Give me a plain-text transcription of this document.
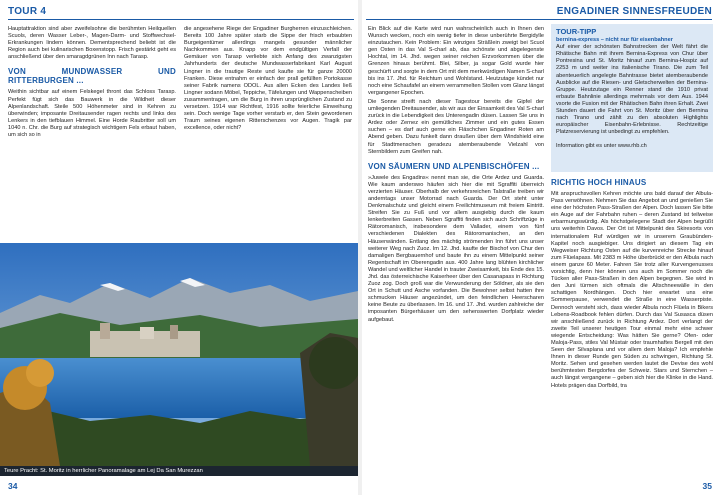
TOUR 4

Hauptattraktion sind aber zweifelsohne die berühmten Heilquellen Scuols, deren Wasser Leber-, Magen-Darm- und Stoffwechsel-Erkrankungen lindern können. Dementsprechend beliebt ist die Region auch bei kulinarischen Boxenstopp. Frisch gestärkt geht es anschließend über den smaragdgrünen Inn nach Tarasp.

VON MUNDWASSER UND RITTERBURGEN ...

Weithin sichtbar auf einem Felskegel thront das Schloss Tarasp. Perfekt fügt sich das Bauwerk in die Wildheit dieser Alpenlandschaft. Steile 500 Höhenmeter sind in Kehren zu überwinden; imposante Dreitausender ragen rechts und links des Lenkers in den tiefblauen Himmel. Eine Horde Raubritter soll um 1040 n. Chr. die Burg auf strategisch wichtigem Fels erbaut haben, um sich so in

die angesehene Riege der Engadiner Burgherren einzuschleichen. Bereits 100 Jahre später starb die Sippe der frisch erbaubten Burgeigentümer allerdings mangels gesunder männlicher Nachkommen aus. Knapp vor dem endgültigen Verfall der Gemäuer von Tarasp verliebte sich Anfang des zwanzigsten Jahrhunderts der deutsche Mundwasserfabrikant Karl August Lingner in die trautige Reste und kaufte sie für ganze 20000 Franken. Diese entnahm er einfach der prall gefüllten Portokasse seiner Fabrik namens ODOL. Aus allen Ecken des Landes ließ Lingner sodann Möbel, Teppiche, Täfelungen und Wappenscheiben zusammentragen, um die Burg in ihren ursprünglichen Zustand zu versetzen. 1914 war Richtfest, 1916 sollte feierliche Einweihung sein. Doch wenige Tage vorher verstarb er, den Stein gewordenen Traum seines eigenen Ritterschenzes vor Augen. Tragik par excellence, oder nicht?

Teure Pracht: St. Moritz in herrlicher Panoramalage am Lej Da San Murezzan
34
ENGADINER SINNESFREUDEN

Ein Blick auf die Karte wird nun wahrscheinlich auch in Ihnen den Wunsch wecken, noch ein wenig tiefer in diese unberührte Bergidylle einzutauchen. Kein Problem: Ein winziges Sträßlein zweigt bei Scuol gen Osten in das Val S-charl ab, das schönste und abgelegenste Hochtal, im 14. Jhd. wegen seiner reichen Erzvorkommen über die Grenzen hinaus berühmt. Blei, Silber, ja sogar Gold wurde hier geschürft und sorgte in dem Ort mit dem merkwürdigen Namen S-charl bis ins 17. Jhd. für Reichtum und Wohlstand. Heutzutage kündet nur noch eine Schaufafel an einem verrammelten Stollen vom Glanz längst vergangener Epochen.

Die Sonne streift nach dieser Tagestour bereits die Gipfel der umliegenden Dreitausender, als wir aus der Einsamkeit des Val S-charl zurück in die Lebendigkeit des Unterengadin düsen. Lassen Sie uns in Ardez oder Zernez ein gemütliches Zimmer und ein gutes Essen suchen – es darf auch gerne ein Fläschchen Engadiner Roten am Abend geben. Dazu funkelt dann draußen über dem Windshield eine für Stadtmenschen geradezu atemberaubende Vielzahl von Sternbildern zum Greifen nah.

VON SÄUMERN UND ALPENBISCHÖFEN ...

»Juwele des Engadins« nennt man sie, die Orte Ardez und Guarda. Wie kaum anderswo häufen sich hier die mit Sgraffiti überreich verzierten Häuser. Oberhalb der verkehrsreichen Talstraße treiben wir anderntags unser Motorrad nach Guarda. Der Ort steht unter Denkmalschutz und gleicht einem Freilichtmuseum mit freiem Eintritt. Streifen Sie zu Fuß und vor allem ausgiebig durch die kaum lenkerbreiten Gassen. Neben Sgraffiti finden sich auch Schriftzüge in Rätoromanisch, insbesondere dem Vallader, einem von fünf verschiedenen Dialekten des Rätoromanischen, an den Häuserwänden. Entlang des mächtig strömenden Inn führt uns unser weiterer Weg nach Zuoz. Im 12. Jhd. kaufte der Bischof von Chur den damaligen Bergbauernhof und baute ihn zu einem Mittelpunkt seiner Regentschaft im Oberengadin aus. 400 Jahre lang blühten kirchlicher Wandel und weltlicher Handel in trauter Zweisamkeit, bis Ende des 15. Jhd. das österreichische Kaiserheer über den Casanapass in Richtung Zuoz zog. Doch groß war die Verwunderung der Söldner, als sie den Ort in Schutt und Asche vorfanden. Die Bewohner selbst hatten ihre schmucken Häuser angezündet, um den feindlichen Heerscharen keine Beute zu überlassen. Im 16. und 17. Jhd. wurden zahlreiche der imposanten Bürgerhäuser um den sehenswerten Dorfplatz wieder aufgebaut.

TOUR-TIPP
bernina-express – nicht nur für eisenbahner
Auf einer der schönsten Bahnstrecken der Welt fährt die Rhätische Bahn mit ihrem Bernina-Express von Chur über Pontresina und St. Moritz hinauf zum Bernina-Hospiz auf 2253 m und weiter ins italienische Tirano. Die zum Teil abenteuerlich angelegte Bahntrasse bietet atemberaubende Ausblicke auf die Riesen- und Gletscherwelten der Bernina-Gruppe. Heutzutage ein Renner stand die 1910 privat erbaute Bahnlinie allerdings mehrmals vor dem Aus. 1944 vsorte die Fusion mit der Rhätischen Bahn ihren Erhalt. Zwei Stunden dauert die Fahrt von St. Moritz über den Bernina nach Tirano und zählt zu den absoluten Highlights europäischer Eisenbahn-Erlebnisse. Rechtzeitige Platzreservierung ist unbedingt zu empfehlen.
Information gibt es unter www.rhb.ch
RICHTIG HOCH HINAUS

Mit anspruchsvollen Kehren möchte uns bald darauf der Albula-Pass verwöhnen. Nehmen Sie das Angebot an und genießen Sie eine der höchsten Pass-Straßen der Alpen. Doch lassen Sie bitte ein Auge auf der Fahrbahn ruhen – deren Zustand ist teilweise erbarmungswürdig. Als höchstgelegene Stadt der Alpen begrüßt uns weiterhin Davos. Der Ort ist Mittelpunkt des Skiresorts von internationalem Ruf würdigen wir in unserem Graubünden-Kapitel noch ausgiebiger. Uns dirigiert an diesem Tag ein Wegweiser Richtung Osten auf die kurvenreiche Strecke hinauf zum Flüelapass. Mit 2383 m Höhe überbrückt er den Albula nach einem ganze 60 Meter. Fahren Sie trotz aller Kurvengenusses vorsichtig, denn hier können uns auch im Sommer noch die Tücken aller Pass-Straßen in den Alpen begegnen. Sie wird in den Juni türmen sich oftmals die Altschneewälle in den schattigen Nordhängen. Doch hier erwartet uns eine Sommerpause, verwendet die Straße in eine Wasserpiste. Dennoch versteht sich, dass wieder Albula noch Flüela in Bikers Lebens-Roadbook fehlen dürfen. Durch das Val Susasca düsen wir anschließend zurück in Richtung Ardez. Dort verlangt der zweite Teil unserer heutigen Tour einmal mehr eine schwer wiegende Entscheidung: Was hätten Sie gerne? Ofen- oder Maloja-Pass, stiles Val Müstair oder traumhaftes Bergell mit den Seen der Silvaplana und vor allem dem Maloja? Ich empfehle Ihnen in dieser Runde gen Süden zu schwingen, Richtung St. Moritz. Sehen und gesehen werden lautet die Devise des wohl berühmtesten Bergdorfes der Schweiz. Stars und Sternchen – auch längst vergangene – geben sich hier die Klinke in die Hand. Hotels prägen das Dorfbild, tra

35
